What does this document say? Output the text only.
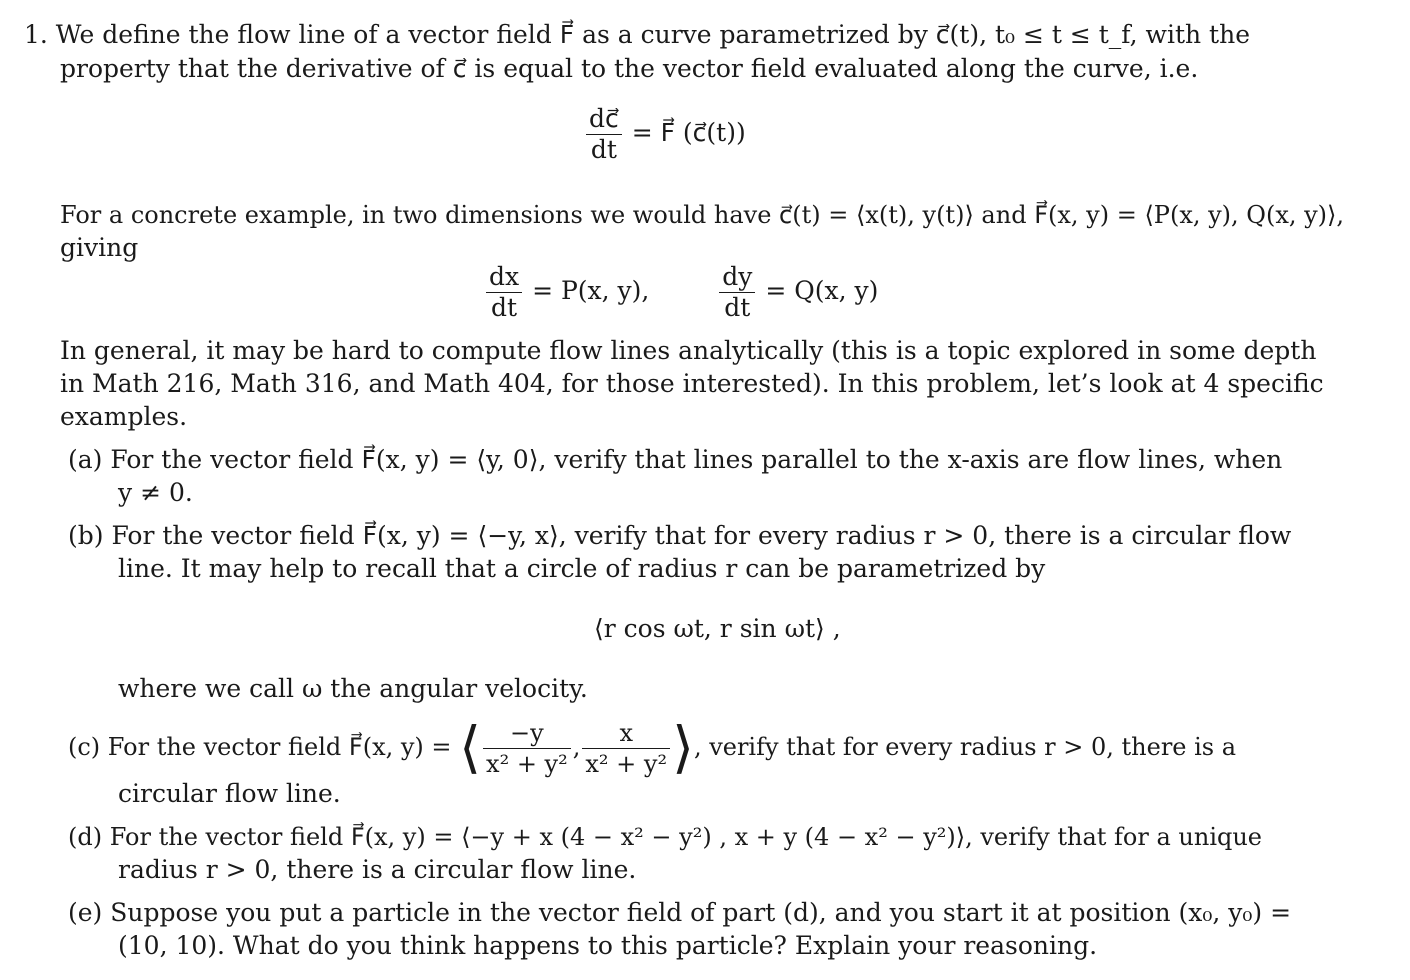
1. We define the flow line of a vector field F⃗ as a curve parametrized by c⃗(t), t₀ ≤ t ≤ t_f, with the
property that the derivative of c⃗ is equal to the vector field evaluated along the curve, i.e.
$\frac{dc⃗}{dt}$ = F⃗ (c⃗(t))
For a concrete example, in two dimensions we would have c⃗(t) = ⟨x(t), y(t)⟩ and F⃗(x, y) = ⟨P(x, y), Q(x, y)⟩,
giving
$\frac{dx}{dt} = P(x$, y),	$\frac{dy}{dt} = Q(x$, y)
In general, it may be hard to compute flow lines analytically (this is a topic explored in some depth
in Math 216, Math 316, and Math 404, for those interested). In this problem, let’s look at 4 specific
examples.
(a) For the vector field F⃗(x, y) = ⟨y, 0⟩, verify that lines parallel to the x-axis are flow lines, when
y ≠ 0.
(b) For the vector field F⃗(x, y) = ⟨−y, x⟩, verify that for every radius r > 0, there is a circular flow
line. It may help to recall that a circle of radius r can be parametrized by
⟨r cos ωt, r sin ωt⟩ ,
where we call ω the angular velocity.
(c) For the vector field F⃗(x, y) = ⟨ $\frac{-y}{\text{x² + y²}}$ , $\frac{x}{\text{x² + y²}}$ ⟩, verify that for every radius r > 0, there is a
circular flow line.
(d) For the vector field F⃗(x, y) = ⟨−y + x (4 − x² − y²) , x + y (4 − x² − y²)⟩, verify that for a unique
radius r > 0, there is a circular flow line.
(e) Suppose you put a particle in the vector field of part (d), and you start it at position (x₀, y₀) =
(10, 10). What do you think happens to this particle? Explain your reasoning.
